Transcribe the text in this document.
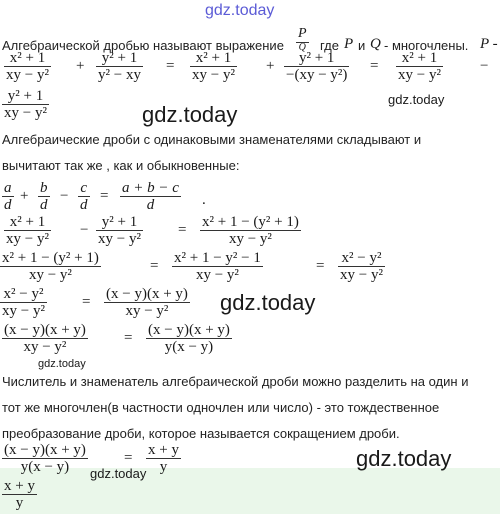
gdz.today
Алгебраической дробью называют выражение
P
Q где P и Q - многочлены. P -
x² + 1
xy − y²
+	y² + 1
y² − xy
=	x² + 1
xy − y²
+	y² + 1
−(xy − y²)
=	x² + 1
xy − y²
−
y² + 1
xy − y²	gdz.today
gdz.today
Алгебраические дроби с одинаковыми знаменателями складывают и
вычитают так же , как и обыкновенные:
a
d
+ b
d
− c
d
= a + b − c
d	.
x² + 1
xy − y²
− y² + 1
xy − y²
= x² + 1 − (y² + 1)
xy − y²
x² + 1 − (y² + 1)
xy − y²
= x² + 1 − y² − 1
xy − y²
= x² − y²
xy − y²
x² − y²
xy − y²
= (x − y)(x + y)
xy − y²	gdz.today
(x − y)(x + y)
xy − y²
= (x − y)(x + y)
y(x − y)
gdz.today
Числитель и знаменатель алгебраической дроби можно разделить на один и
тот же многочлен(в частности одночлен или число) - это тождественное
преобразование дроби, которое называется сокращением дроби.
(x − y)(x + y)
y(x − y)
= x + y
y
gdz.today
gdz.today
x + y
y
